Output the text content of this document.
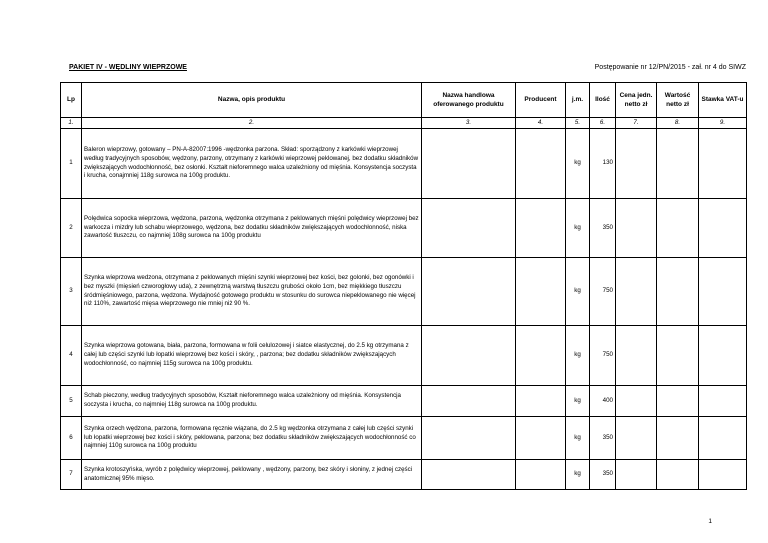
PAKIET IV - WĘDLINY WIEPRZOWE	Postępowanie nr 12/PN/2015 - zał. nr 4 do SIWZ
Lp	Nazwa, opis produktu	Nazwa handlowa oferowanego produktu	Producent	j.m.	Ilość	Cena jedn. netto zł	Wartość netto zł	Stawka VAT-u
1.	2.	3.	4.	5.	6.	7.	8.	9.
1	Baleron wieprzowy, gotowany – PN-A-82007:1996 -wędzonka parzona. Skład: sporządzony z karkówki wieprzowej według tradycyjnych sposobów, wędzony, parzony, otrzymany z karkówki wieprzowej peklowanej, bez dodatku składników zwiększających wodochłonność, bez osłonki. Kształt nieforemnego walca uzależniony od mięśnia. Konsystencja soczysta i krucha, conajmniej 118g surowca na 100g produktu.			kg	130			
2	Polędwica sopocka wieprzowa, wędzona, parzona, wędzonka otrzymana z peklowanych mięśni polędwicy wieprzowej bez warkocza i mizdry lub schabu wieprzowego, wędzona, bez dodatku składników zwiększających wodochłonność, niska zawartość tłuszczu, co najmniej 108g surowca na 100g produktu			kg	350			
3	Szynka wieprzowa wedzona, otrzymana z peklowanych mięśni szynki wieprzowej bez kości, bez golonki, bez ogonówki i bez myszki (mięsień czworogłowy uda), z zewnętrzną warstwą tłuszczu grubości około 1cm, bez miękkiego tłuszczu śródmięśniowego, parzona, wędzona. Wydajność gotowego produktu w stosunku do surowca niepeklowanego nie więcej niż 110%, zawartość mięsa wieprzowego nie mniej niż 90 %.			kg	750			
4	Szynka wieprzowa gotowana, biała, parzona, formowana w folii celulozowej i siatce elastycznej, do 2.5 kg otrzymana z całej lub części szynki lub łopatki wieprzowej bez kości i skóry, , parzona; bez dodatku składników zwiększających wodochłonność, co najmniej 115g surowca na 100g produktu.			kg	750			
5	Schab pieczony, według tradycyjnych sposobów, Kształt nieforemnego walca uzależniony od mięśnia. Konsystencja soczysta i krucha, co najmniej 118g surowca na 100g produktu.			kg	400			
6	Szynka orzech wędzona, parzona, formowana ręcznie wiązana, do 2.5 kg wędzonka otrzymana z całej lub części szynki lub łopatki wieprzowej bez kości i skóry, peklowana, parzona; bez dodatku składników zwiększających wodochłonność co najmniej 110g surowca na 100g produktu			kg	350			
7	Szynka krotoszyńska, wyrób z polędwicy wieprzowej, peklowany , wędzony, parzony, bez skóry i słoniny, z jednej części anatomicznej 95% mięso.			kg	350			
1
